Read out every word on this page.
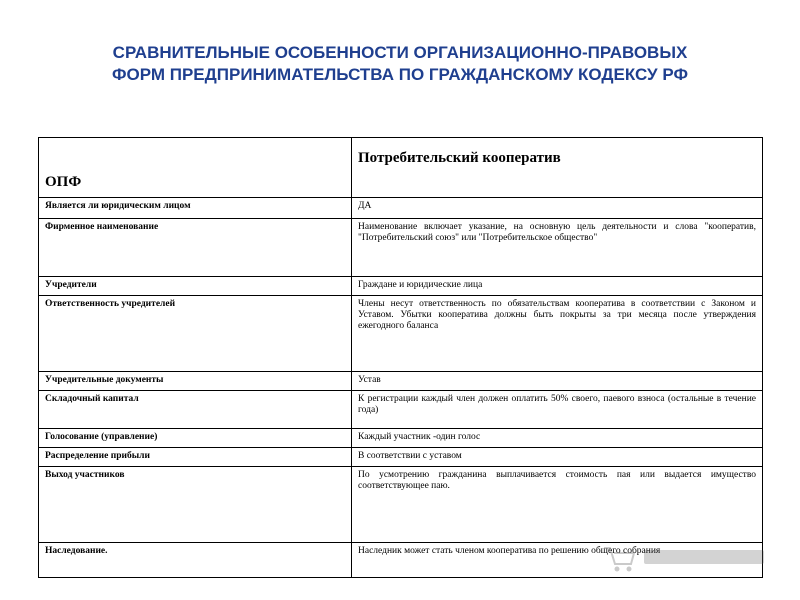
СРАВНИТЕЛЬНЫЕ ОСОБЕННОСТИ ОРГАНИЗАЦИОННО-ПРАВОВЫХ
ФОРМ ПРЕДПРИНИМАТЕЛЬСТВА ПО ГРАЖДАНСКОМУ КОДЕКСУ РФ
ОПФ	Потребительский кооператив
Является ли юридическим лицом	ДА
Фирменное наименование	Наименование включает указание, на основную цель деятельности и слова "кооператив, "Потребительский союз" или "Потребительское общество"
Учредители	Граждане и юридические лица
Ответственность учредителей	Члены несут ответственность по обязательствам кооператива в соответствии с Законом и Уставом. Убытки кооператива должны быть покрыты за три месяца после утверждения ежегодного баланса
Учредительные документы	Устав
Складочный капитал	К регистрации каждый член должен оплатить 50% своего, паевого взноса (остальные в течение года)
Голосование (управление)	Каждый участник -один голос
Распределение прибыли	В соответствии с уставом
Выход участников	По усмотрению гражданина выплачивается стоимость пая или выдается имущество соответствующее паю.
Наследование.	Наследник может стать членом кооператива по решению общего собрания
